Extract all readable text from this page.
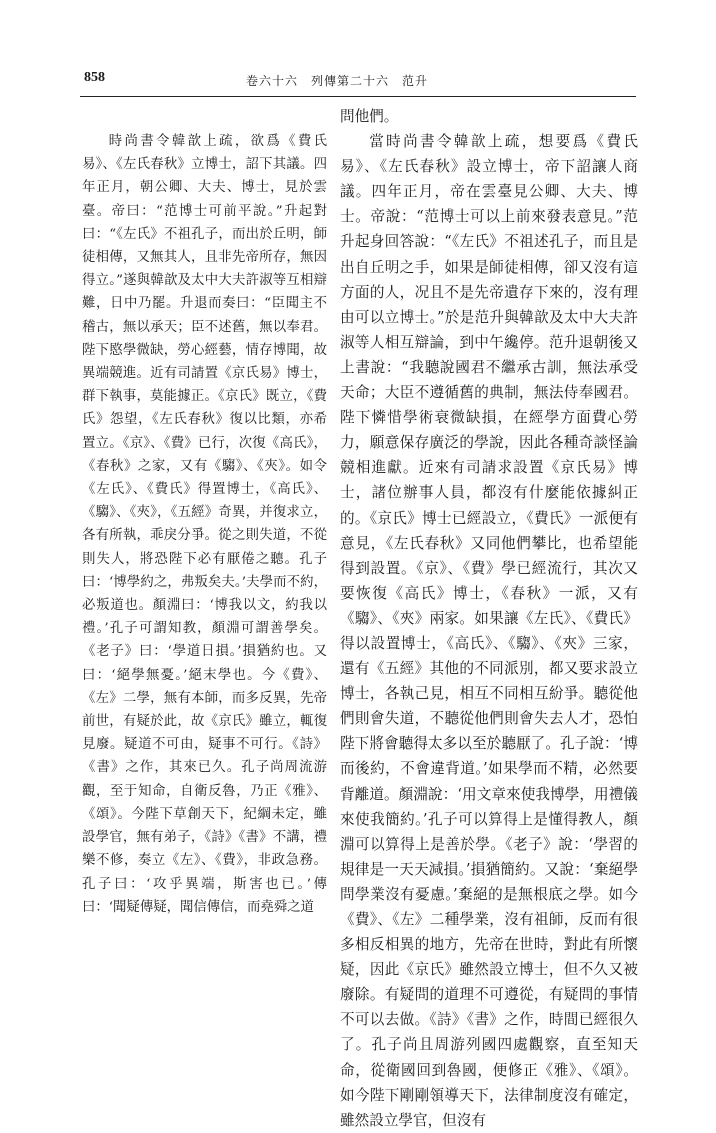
858	卷六十六　列傳第二十六　范升

時尚書令韓歆上疏，欲爲《費氏易》、《左氏春秋》立博士，詔下其議。四年正月，朝公卿、大夫、博士，見於雲臺。帝曰：“范博士可前平說。”升起對曰：“《左氏》不祖孔子，而出於丘明，師徒相傳，又無其人，且非先帝所存，無因得立。”遂與韓歆及太中大夫許淑等互相辯難，日中乃罷。升退而奏曰：“臣聞主不稽古，無以承天；臣不述舊，無以奉君。陛下愍學微缺，勞心經藝，情存博聞，故異端競進。近有司請置《京氏易》博士，群下執事，莫能據正。《京氏》既立，《費氏》怨望，《左氏春秋》復以比類，亦希置立。《京》、《費》已行，次復《高氏》，《春秋》之家，又有《騶》、《夾》。如令《左氏》、《費氏》得置博士，《高氏》、《騶》、《夾》，《五經》奇異，并復求立，各有所執，乖戾分爭。從之則失道，不從則失人，將恐陛下必有厭倦之聽。孔子曰：‘博學約之，弗叛矣夫。’夫學而不約，必叛道也。顏淵曰：‘博我以文，約我以禮。’孔子可謂知教，顏淵可謂善學矣。《老子》曰：‘學道日損。’損猶約也。又曰：‘絕學無憂。’絕末學也。今《費》、《左》二學，無有本師，而多反異，先帝前世，有疑於此，故《京氏》雖立，輒復見廢。疑道不可由，疑事不可行。《詩》《書》之作，其來已久。孔子尚周流游觀，至于知命，自衛反魯，乃正《雅》、《頌》。今陛下草創天下，紀綱未定，雖設學官，無有弟子，《詩》《書》不講，禮樂不修，奏立《左》、《費》，非政急務。孔子曰：‘攻乎異端，斯害也已。’傳曰：‘聞疑傳疑，聞信傳信，而堯舜之道

問他們。

當時尚書令韓歆上疏，想要爲《費氏易》、《左氏春秋》設立博士，帝下詔讓人商議。四年正月，帝在雲臺見公卿、大夫、博士。帝說：“范博士可以上前來發表意見。”范升起身回答說：“《左氏》不祖述孔子，而且是出自丘明之手，如果是師徒相傳，卻又沒有這方面的人，况且不是先帝遺存下來的，沒有理由可以立博士。”於是范升與韓歆及太中大夫許淑等人相互辯論，到中午纔停。范升退朝後又上書說：“我聽說國君不繼承古訓，無法承受天命；大臣不遵循舊的典制，無法侍奉國君。陛下憐惜學術衰微缺損，在經學方面費心勞力，願意保存廣泛的學說，因此各種奇談怪論競相進獻。近來有司請求設置《京氏易》博士，諸位辦事人員，都沒有什麼能依據糾正的。《京氏》博士已經設立，《費氏》一派便有意見，《左氏春秋》又同他們攀比，也希望能得到設置。《京》、《費》學已經流行，其次又要恢復《高氏》博士，《春秋》一派，又有《騶》、《夾》兩家。如果讓《左氏》、《費氏》得以設置博士，《高氏》、《騶》、《夾》三家，還有《五經》其他的不同派別，都又要求設立博士，各執己見，相互不同相互紛爭。聽從他們則會失道，不聽從他們則會失去人才，恐怕陛下將會聽得太多以至於聽厭了。孔子說：‘博而後約，不會違背道。’如果學而不精，必然要背離道。顏淵說：‘用文章來使我博學，用禮儀來使我簡約。’孔子可以算得上是懂得教人，顏淵可以算得上是善於學。《老子》說：‘學習的規律是一天天減損。’損猶簡約。又說：‘棄絕學問學業沒有憂慮。’棄絕的是無根底之學。如今《費》、《左》二種學業，沒有祖師，反而有很多相反相異的地方，先帝在世時，對此有所懷疑，因此《京氏》雖然設立博士，但不久又被廢除。有疑問的道理不可遵從，有疑問的事情不可以去做。《詩》《書》之作，時間已經很久了。孔子尚且周游列國四處觀察，直至知天命，從衛國回到魯國，便修正《雅》、《頌》。如今陛下剛剛領導天下，法律制度沒有確定，雖然設立學官，但沒有
